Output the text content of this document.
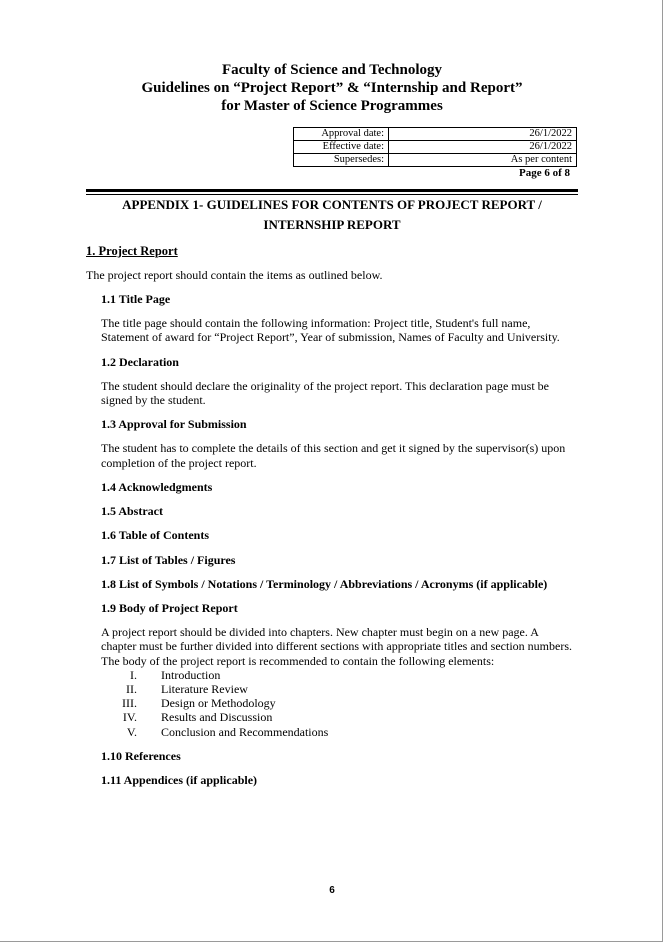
Faculty of Science and Technology
Guidelines on “Project Report” & “Internship and Report”
for Master of Science Programmes
Approval date:	26/1/2022
Effective date:	26/1/2022
Supersedes:	As per content
Page 6 of 8
APPENDIX 1- GUIDELINES FOR CONTENTS OF PROJECT REPORT /
INTERNSHIP REPORT
1. Project Report
The project report should contain the items as outlined below.
1.1 Title Page
The title page should contain the following information: Project title, Student's full name,
Statement of award for “Project Report”, Year of submission, Names of Faculty and University.
1.2 Declaration
The student should declare the originality of the project report. This declaration page must be
signed by the student.
1.3 Approval for Submission
The student has to complete the details of this section and get it signed by the supervisor(s) upon
completion of the project report.
1.4 Acknowledgments
1.5 Abstract
1.6 Table of Contents
1.7 List of Tables / Figures
1.8 List of Symbols / Notations / Terminology / Abbreviations / Acronyms (if applicable)
1.9 Body of Project Report
A project report should be divided into chapters. New chapter must begin on a new page. A
chapter must be further divided into different sections with appropriate titles and section numbers.
The body of the project report is recommended to contain the following elements:
I. Introduction
II. Literature Review
III. Design or Methodology
IV. Results and Discussion
V. Conclusion and Recommendations
1.10 References
1.11 Appendices (if applicable)
6
